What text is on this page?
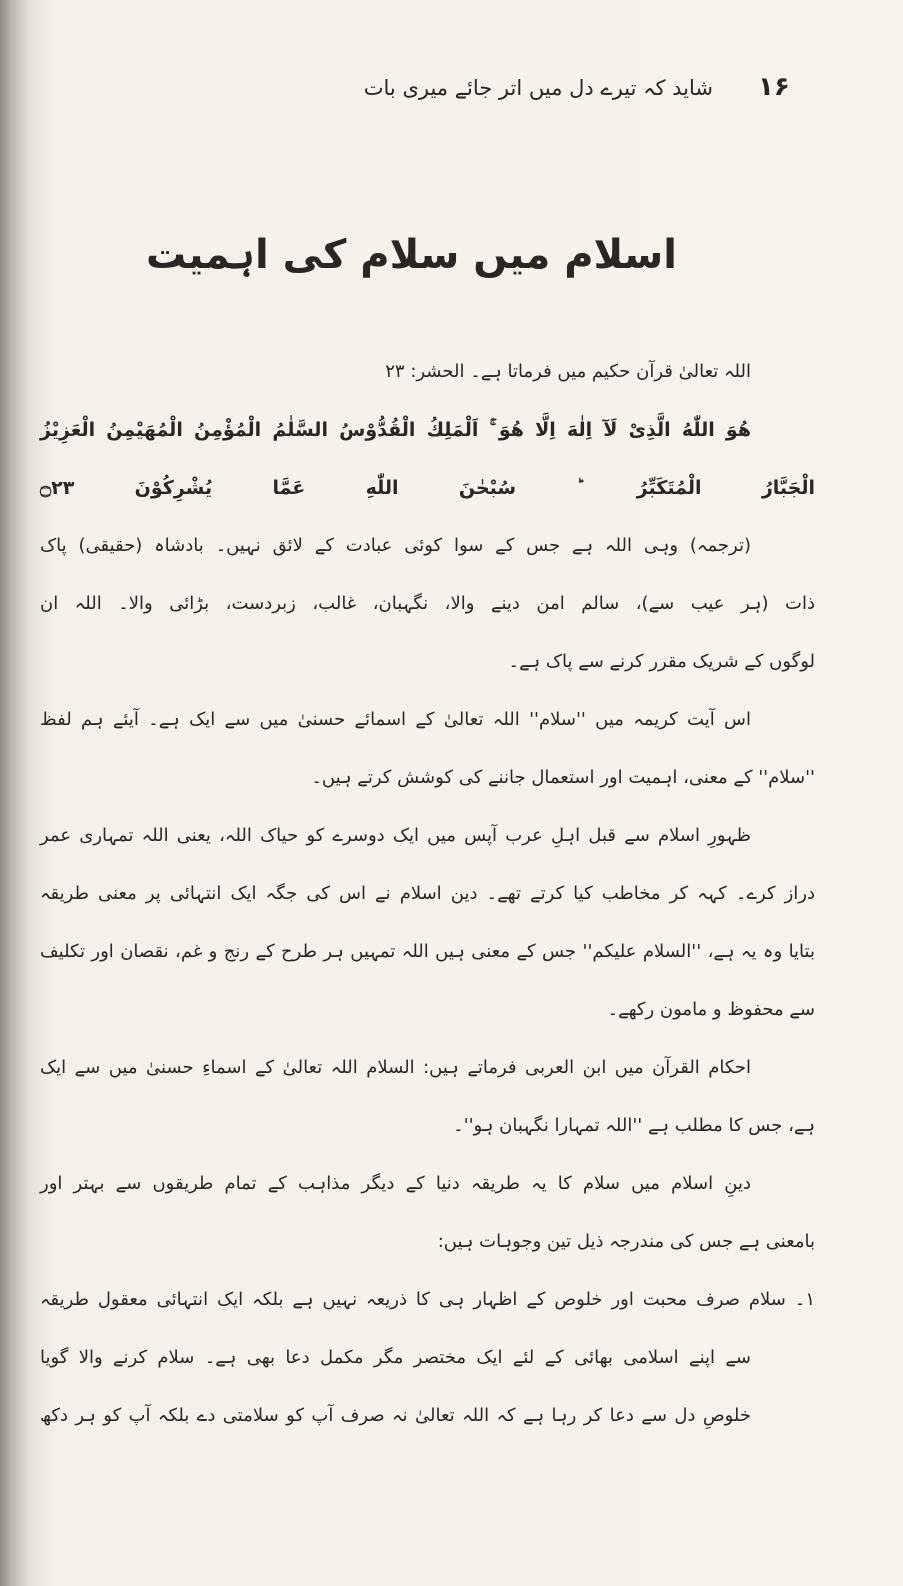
۱۶
شاید کہ تیرے دل میں اتر جائے میری بات
اسلام میں سلام کی اہمیت
اللہ تعالیٰ قرآن حکیم میں فرماتا ہے۔ الحشر: ۲۳
هُوَ اللّٰهُ الَّذِیْ لَآ اِلٰهَ اِلَّا هُوَ ۚ اَلْمَلِكُ الْقُدُّوْسُ السَّلٰمُ الْمُؤْمِنُ الْمُهَیْمِنُ الْعَزِیْزُ
الْجَبَّارُ الْمُتَكَبِّرُ ؕ سُبْحٰنَ اللّٰهِ عَمَّا یُشْرِكُوْنَ ۝۲۳
(ترجمہ) وہی اللہ ہے جس کے سوا کوئی عبادت کے لائق نہیں۔ بادشاہ (حقیقی) پاک
ذات (ہر عیب سے)، سالم امن دینے والا، نگہبان، غالب، زبردست، بڑائی والا۔ اللہ ان
لوگوں کے شریک مقرر کرنے سے پاک ہے۔
اس آیت کریمہ میں ''سلام'' اللہ تعالیٰ کے اسمائے حسنیٰ میں سے ایک ہے۔ آیئے ہم لفظ
''سلام'' کے معنی، اہمیت اور استعمال جاننے کی کوشش کرتے ہیں۔
ظہورِ اسلام سے قبل اہلِ عرب آپس میں ایک دوسرے کو حیاک اللہ، یعنی اللہ تمہاری عمر
دراز کرے۔ کہہ کر مخاطب کیا کرتے تھے۔ دین اسلام نے اس کی جگہ ایک انتہائی پر معنی طریقہ
بتایا وہ یہ ہے، ''السلام علیکم'' جس کے معنی ہیں اللہ تمہیں ہر طرح کے رنج و غم، نقصان اور تکلیف
سے محفوظ و مامون رکھے۔
احکام القرآن میں ابن العربی فرماتے ہیں: السلام اللہ تعالیٰ کے اسماءِ حسنیٰ میں سے ایک
ہے، جس کا مطلب ہے ''اللہ تمہارا نگہبان ہو''۔
دینِ اسلام میں سلام کا یہ طریقہ دنیا کے دیگر مذاہب کے تمام طریقوں سے بہتر اور
بامعنی ہے جس کی مندرجہ ذیل تین وجوہات ہیں:
۱۔ سلام صرف محبت اور خلوص کے اظہار ہی کا ذریعہ نہیں ہے بلکہ ایک انتہائی معقول طریقہ
سے اپنے اسلامی بھائی کے لئے ایک مختصر مگر مکمل دعا بھی ہے۔ سلام کرنے والا گویا
خلوصِ دل سے دعا کر رہا ہے کہ اللہ تعالیٰ نہ صرف آپ کو سلامتی دے بلکہ آپ کو ہر دکھ
